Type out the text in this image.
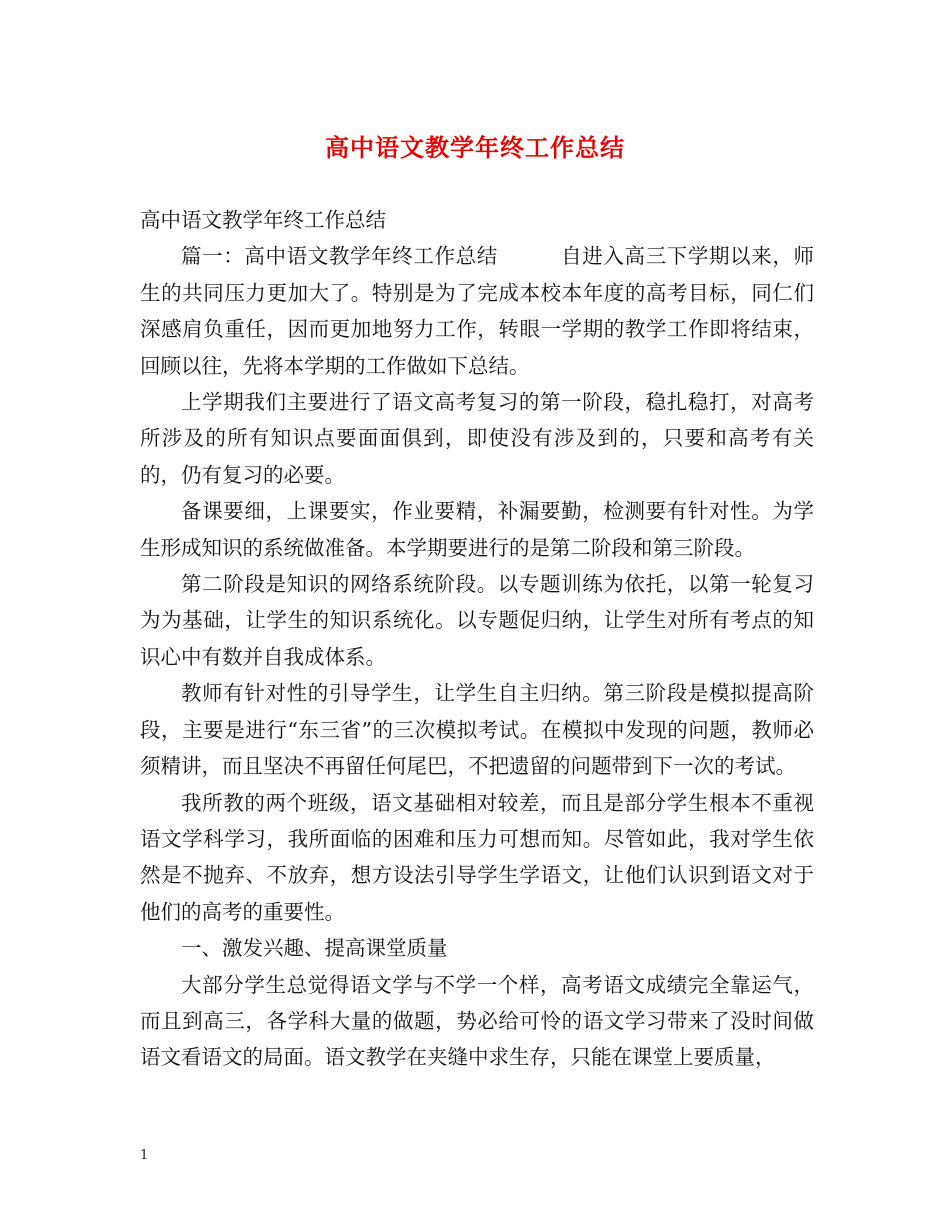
高中语文教学年终工作总结

高中语文教学年终工作总结

篇一：高中语文教学年终工作总结　　　自进入高三下学期以来，师生的共同压力更加大了。特别是为了完成本校本年度的高考目标，同仁们深感肩负重任，因而更加地努力工作，转眼一学期的教学工作即将结束，回顾以往，先将本学期的工作做如下总结。

上学期我们主要进行了语文高考复习的第一阶段，稳扎稳打，对高考所涉及的所有知识点要面面俱到，即使没有涉及到的，只要和高考有关的，仍有复习的必要。

备课要细，上课要实，作业要精，补漏要勤，检测要有针对性。为学生形成知识的系统做准备。本学期要进行的是第二阶段和第三阶段。

第二阶段是知识的网络系统阶段。以专题训练为依托，以第一轮复习为为基础，让学生的知识系统化。以专题促归纳，让学生对所有考点的知识心中有数并自我成体系。

教师有针对性的引导学生，让学生自主归纳。第三阶段是模拟提高阶段，主要是进行“东三省”的三次模拟考试。在模拟中发现的问题，教师必须精讲，而且坚决不再留任何尾巴，不把遗留的问题带到下一次的考试。

我所教的两个班级，语文基础相对较差，而且是部分学生根本不重视语文学科学习，我所面临的困难和压力可想而知。尽管如此，我对学生依然是不抛弃、不放弃，想方设法引导学生学语文，让他们认识到语文对于他们的高考的重要性。

一、激发兴趣、提高课堂质量

大部分学生总觉得语文学与不学一个样，高考语文成绩完全靠运气，而且到高三，各学科大量的做题，势必给可怜的语文学习带来了没时间做语文看语文的局面。语文教学在夹缝中求生存，只能在课堂上要质量，

1
